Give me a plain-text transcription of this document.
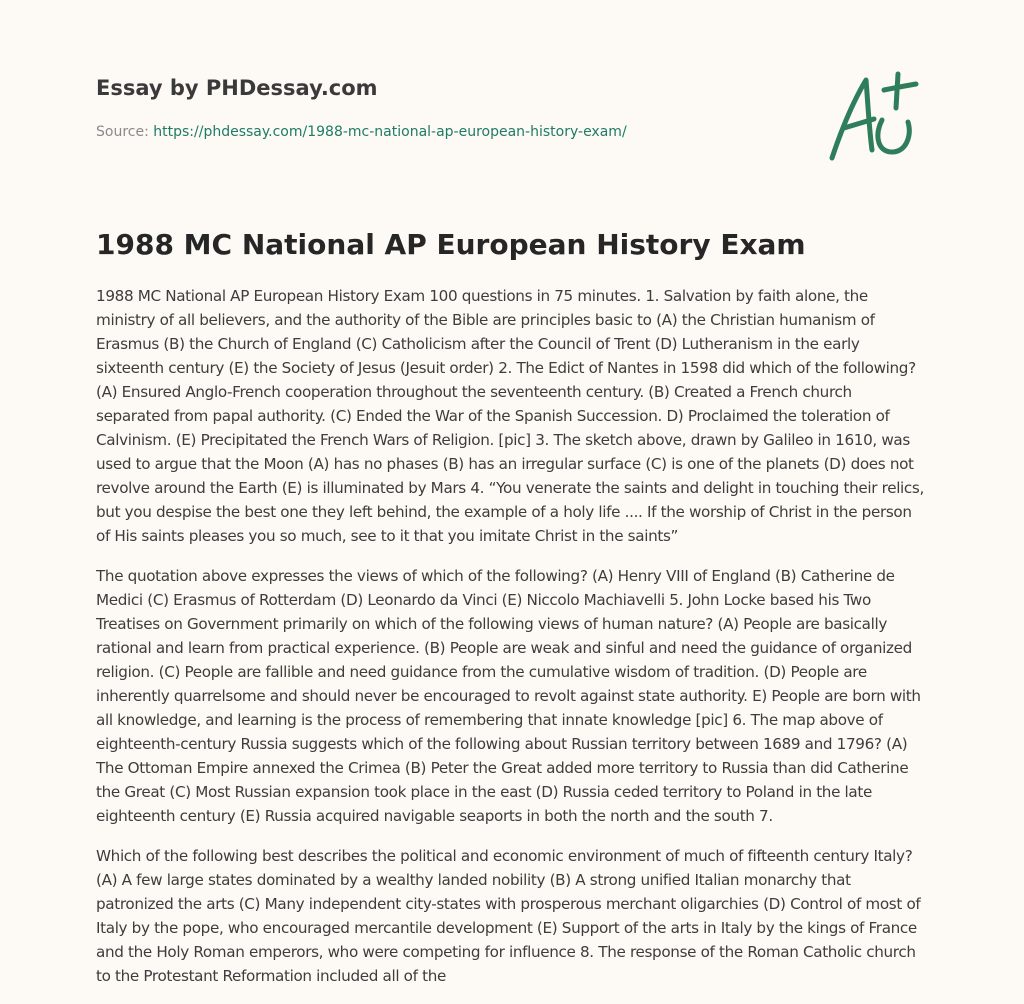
Essay by PHDessay.com
Source: https://phdessay.com/1988-mc-national-ap-european-history-exam/
1988 MC National AP European History Exam

1988 MC National AP European History Exam 100 questions in 75 minutes. 1. Salvation by faith alone, the ministry of all believers, and the authority of the Bible are principles basic to (A) the Christian humanism of Erasmus (B) the Church of England (C) Catholicism after the Council of Trent (D) Lutheranism in the early sixteenth century (E) the Society of Jesus (Jesuit order) 2. The Edict of Nantes in 1598 did which of the following? (A) Ensured Anglo-French cooperation throughout the seventeenth century. (B) Created a French church separated from papal authority. (C) Ended the War of the Spanish Succession. D) Proclaimed the toleration of Calvinism. (E) Precipitated the French Wars of Religion. [pic] 3. The sketch above, drawn by Galileo in 1610, was used to argue that the Moon (A) has no phases (B) has an irregular surface (C) is one of the planets (D) does not revolve around the Earth (E) is illuminated by Mars 4. “You venerate the saints and delight in touching their relics, but you despise the best one they left behind, the example of a holy life .... If the worship of Christ in the person of His saints pleases you so much, see to it that you imitate Christ in the saints”

The quotation above expresses the views of which of the following? (A) Henry VIII of England (B) Catherine de Medici (C) Erasmus of Rotterdam (D) Leonardo da Vinci (E) Niccolo Machiavelli 5. John Locke based his Two Treatises on Government primarily on which of the following views of human nature? (A) People are basically rational and learn from practical experience. (B) People are weak and sinful and need the guidance of organized religion. (C) People are fallible and need guidance from the cumulative wisdom of tradition. (D) People are inherently quarrelsome and should never be encouraged to revolt against state authority. E) People are born with all knowledge, and learning is the process of remembering that innate knowledge [pic] 6. The map above of eighteenth-century Russia suggests which of the following about Russian territory between 1689 and 1796? (A) The Ottoman Empire annexed the Crimea (B) Peter the Great added more territory to Russia than did Catherine the Great (C) Most Russian expansion took place in the east (D) Russia ceded territory to Poland in the late eighteenth century (E) Russia acquired navigable seaports in both the north and the south 7.

Which of the following best describes the political and economic environment of much of fifteenth century Italy? (A) A few large states dominated by a wealthy landed nobility (B) A strong unified Italian monarchy that patronized the arts (C) Many independent city-states with prosperous merchant oligarchies (D) Control of most of Italy by the pope, who encouraged mercantile development (E) Support of the arts in Italy by the kings of France and the Holy Roman emperors, who were competing for influence 8. The response of the Roman Catholic church to the Protestant Reformation included all of the
